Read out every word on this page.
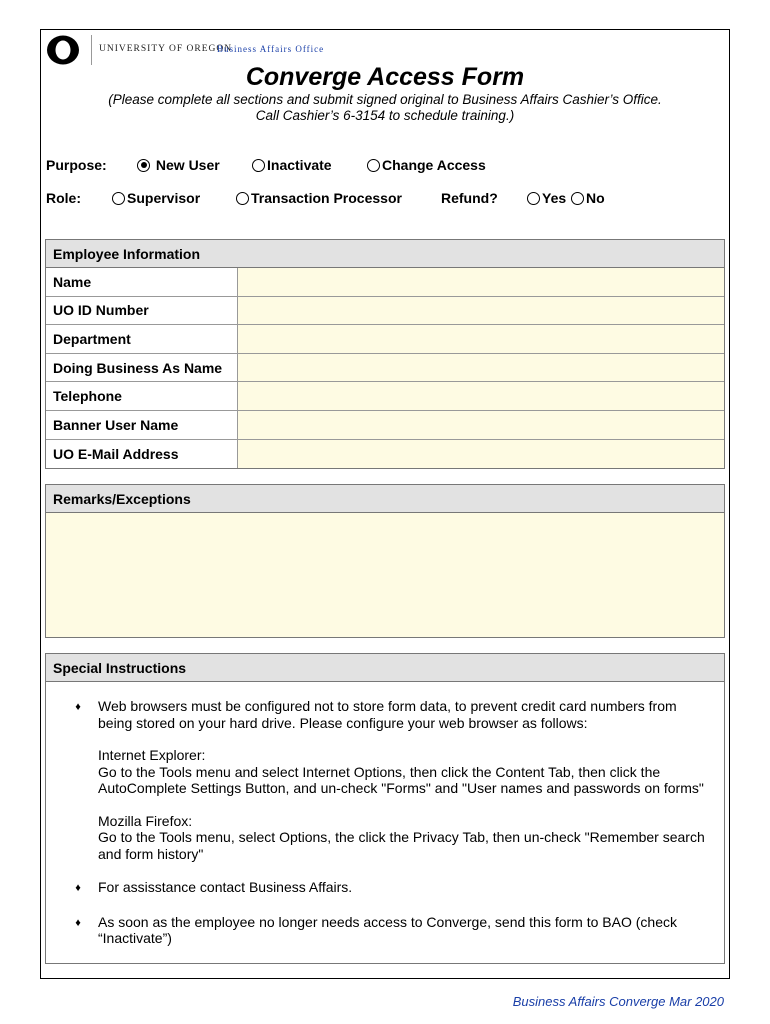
UNIVERSITY OF OREGON
Business Affairs Office
Converge Access Form
(Please complete all sections and submit signed original to Business Affairs Cashier’s Office.
Call Cashier’s 6-3154 to schedule training.)
Purpose:
	New User	Inactivate	Change Access
Role:	Supervisor	Transaction Processor	Refund?	Yes No
Employee Information
Name
UO ID Number
Department
Doing Business As Name
Telephone
Banner User Name
UO E-Mail Address
Remarks/Exceptions
Special Instructions
♦	Web browsers must be configured not to store form data, to prevent credit card numbers from being stored on your hard drive. Please configure your web browser as follows:
Internet Explorer:
Go to the Tools menu and select Internet Options, then click the Content Tab, then click the AutoComplete Settings Button, and un-check "Forms" and "User names and passwords on forms"
Mozilla Firefox:
Go to the Tools menu, select Options, the click the Privacy Tab, then un-check "Remember search and form history"
♦	For assisstance contact Business Affairs.
♦	As soon as the employee no longer needs access to Converge, send this form to BAO (check “Inactivate”)
Business Affairs Converge Mar 2020
